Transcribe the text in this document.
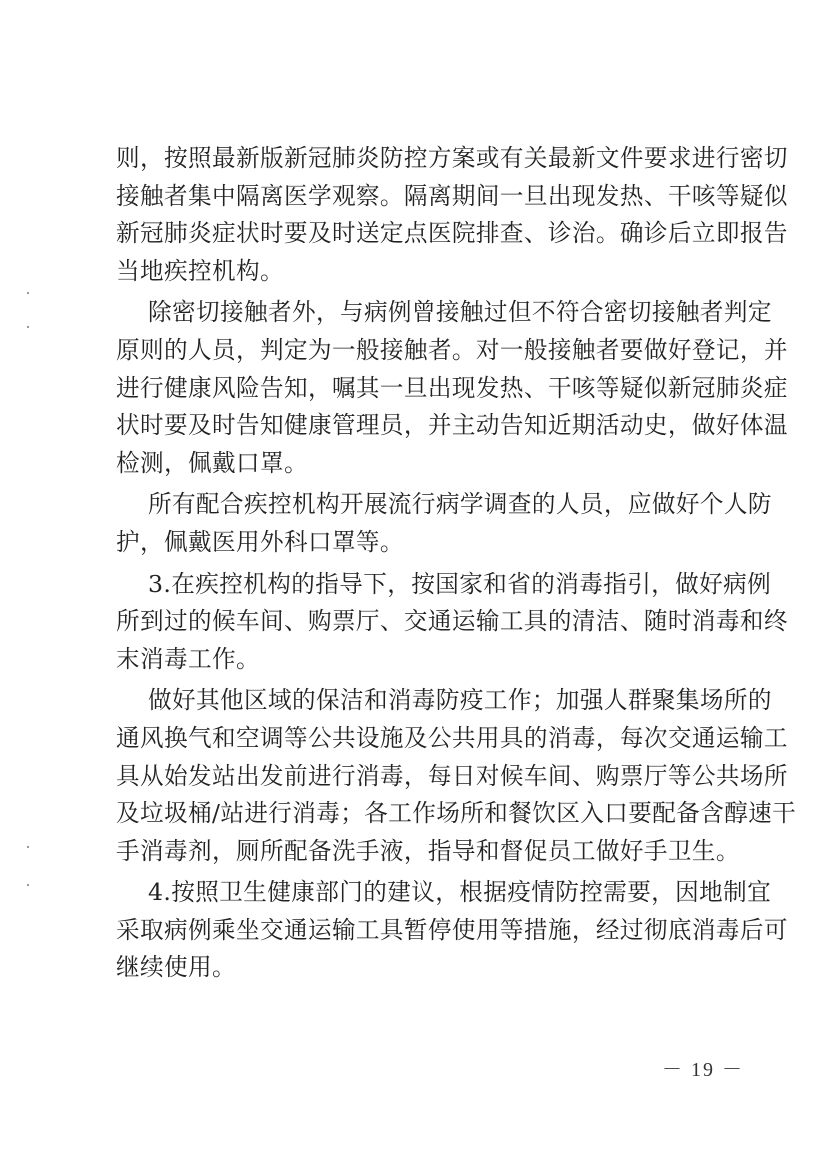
则，按照最新版新冠肺炎防控方案或有关最新文件要求进行密切
接触者集中隔离医学观察。隔离期间一旦出现发热、干咳等疑似
新冠肺炎症状时要及时送定点医院排查、诊治。确诊后立即报告
当地疾控机构。
除密切接触者外，与病例曾接触过但不符合密切接触者判定
原则的人员，判定为一般接触者。对一般接触者要做好登记，并
进行健康风险告知，嘱其一旦出现发热、干咳等疑似新冠肺炎症
状时要及时告知健康管理员，并主动告知近期活动史，做好体温
检测，佩戴口罩。
所有配合疾控机构开展流行病学调查的人员，应做好个人防
护，佩戴医用外科口罩等。
3.在疾控机构的指导下，按国家和省的消毒指引，做好病例
所到过的候车间、购票厅、交通运输工具的清洁、随时消毒和终
末消毒工作。
做好其他区域的保洁和消毒防疫工作；加强人群聚集场所的
通风换气和空调等公共设施及公共用具的消毒，每次交通运输工
具从始发站出发前进行消毒，每日对候车间、购票厅等公共场所
及垃圾桶/站进行消毒；各工作场所和餐饮区入口要配备含醇速干
手消毒剂，厕所配备洗手液，指导和督促员工做好手卫生。
4.按照卫生健康部门的建议，根据疫情防控需要，因地制宜
采取病例乘坐交通运输工具暂停使用等措施，经过彻底消毒后可
继续使用。
－ 19 －
